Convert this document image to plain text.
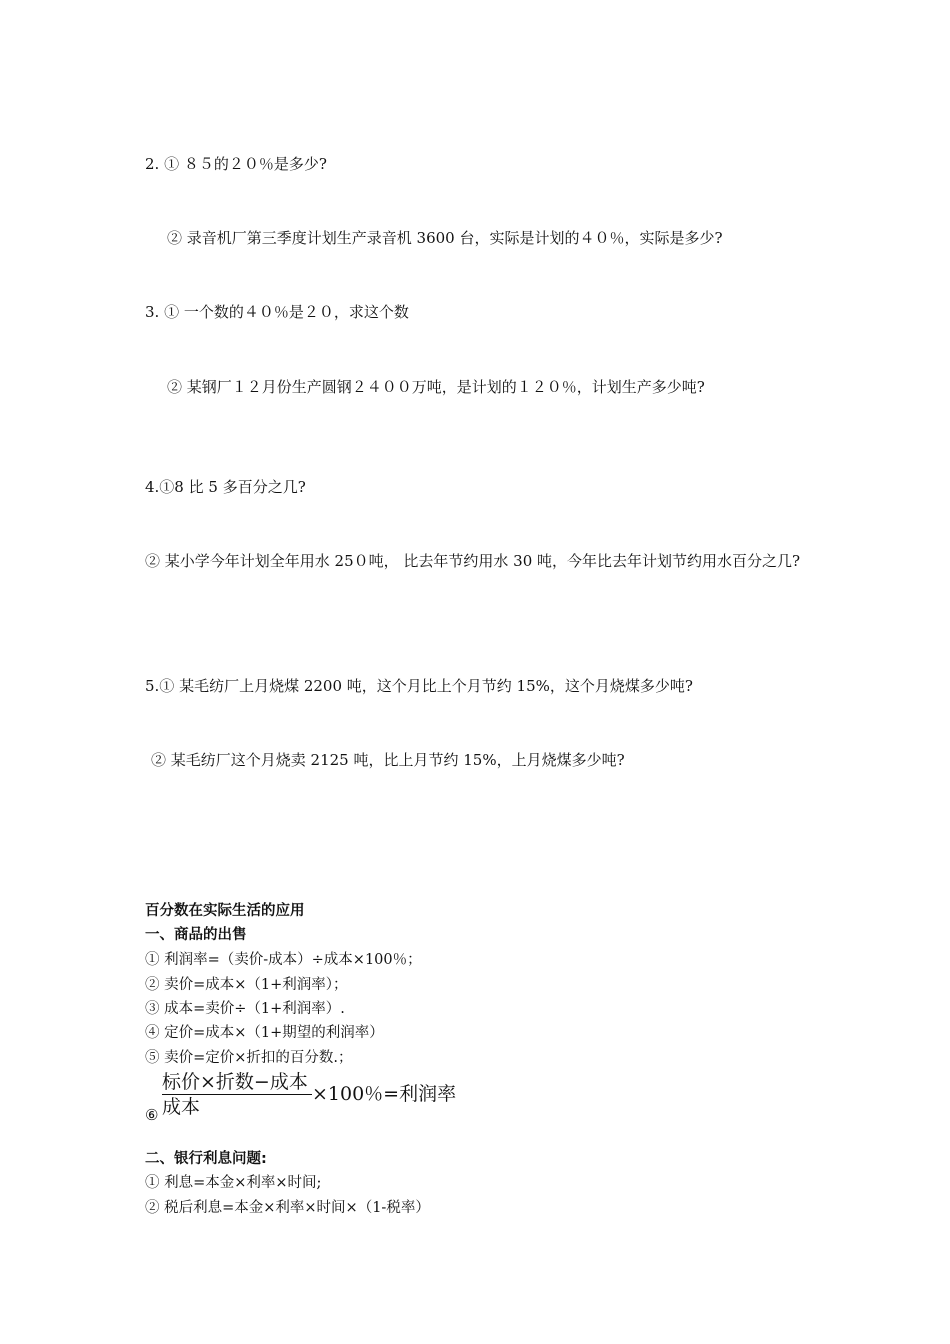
2. ① ８５的２０％是多少?
② 录音机厂第三季度计划生产录音机 3600 台，实际是计划的４０％，实际是多少?
3. ① 一个数的４０％是２０，求这个数
② 某钢厂１２月份生产圆钢２４００万吨，是计划的１２０％，计划生产多少吨?
4.①8 比 5 多百分之几?
② 某小学今年计划全年用水 25０吨， 比去年节约用水 30 吨，今年比去年计划节约用水百分之几?
5.① 某毛纺厂上月烧煤 2200 吨，这个月比上个月节约 15%，这个月烧煤多少吨?
② 某毛纺厂这个月烧卖 2125 吨，比上月节约 15%，上月烧煤多少吨?
百分数在实际生活的应用
一、商品的出售
① 利润率=（卖价-成本）÷成本×100％；
② 卖价=成本×（1+利润率）；
③ 成本=卖价÷（1+利润率）.
④ 定价=成本×（1+期望的利润率）
⑤ 卖价=定价×折扣的百分数.；
⑥
标价×折数−成本
成本
×100％=利润率
二、银行利息问题:
① 利息=本金×利率×时间;
② 税后利息=本金×利率×时间×（1-税率）
